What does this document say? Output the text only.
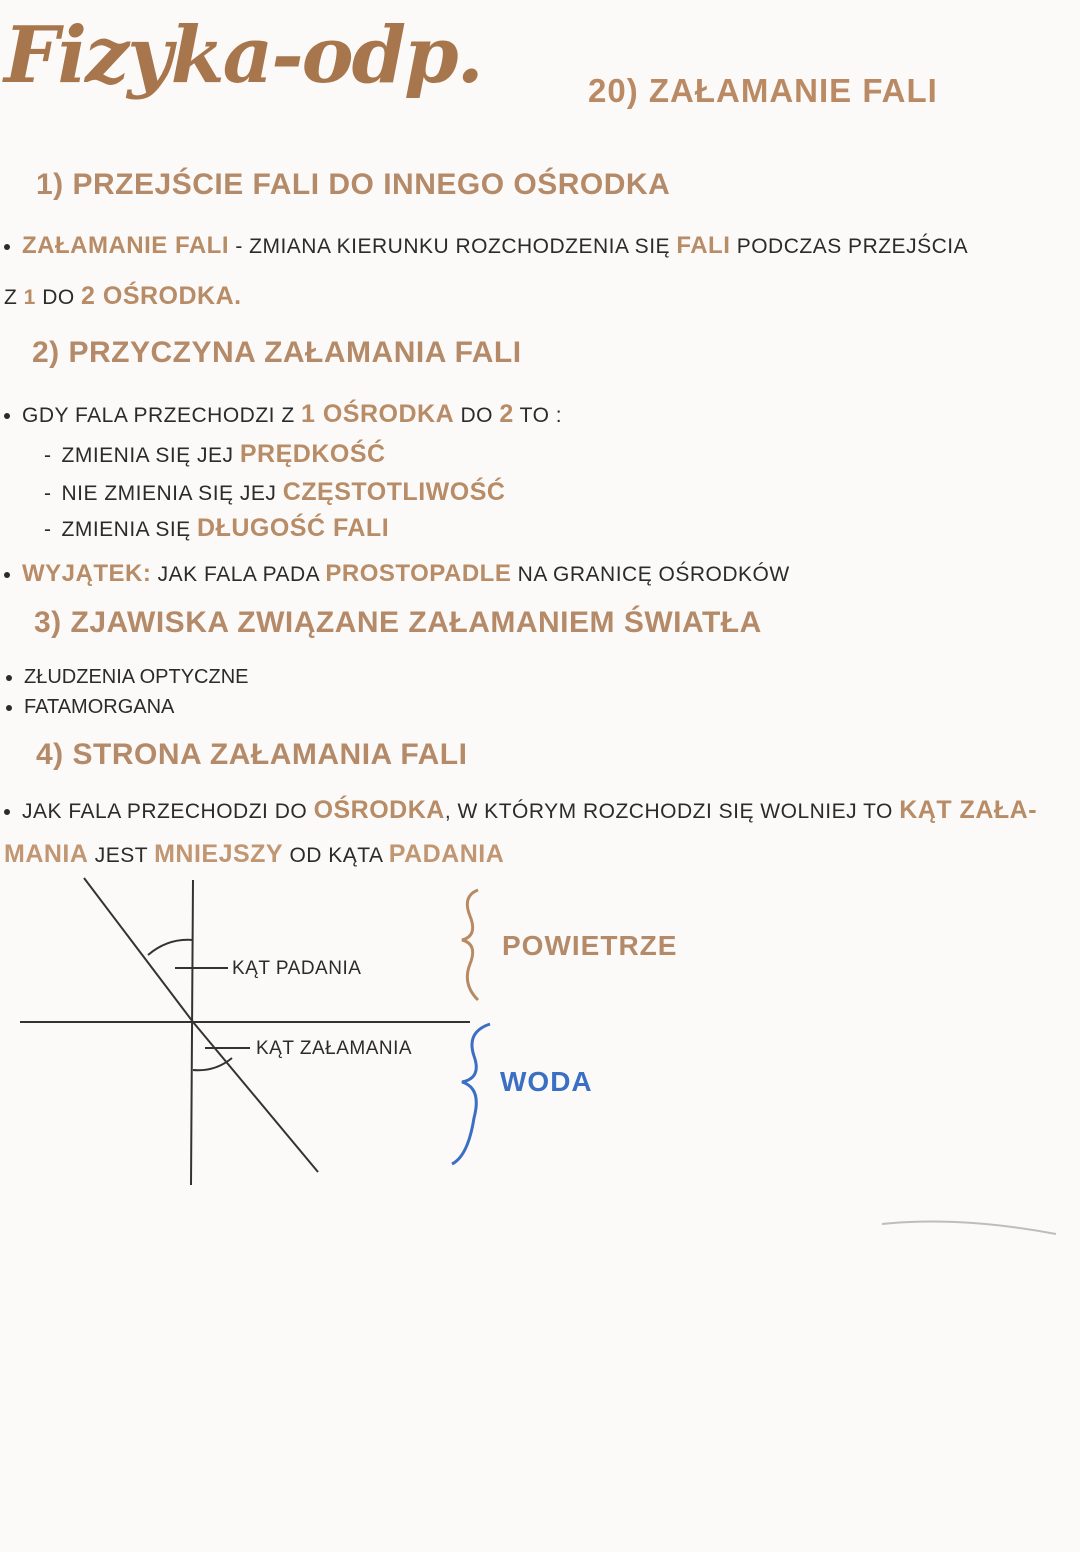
Fizyka-odp.	20) ZAŁAMANIE FALI
1) PRZEJŚCIE FALI DO INNEGO OŚRODKA
ZAŁAMANIE FALI - ZMIANA KIERUNKU ROZCHODZENIA SIĘ FALI PODCZAS PRZEJŚCIA
Z 1 DO 2 OŚRODKA.
2) PRZYCZYNA ZAŁAMANIA FALI
GDY FALA PRZECHODZI Z 1 OŚRODKA DO 2 TO :
- ZMIENIA SIĘ JEJ PRĘDKOŚĆ
- NIE ZMIENIA SIĘ JEJ CZĘSTOTLIWOŚĆ
- ZMIENIA SIĘ DŁUGOŚĆ FALI
WYJĄTEK: JAK FALA PADA PROSTOPADLE NA GRANICĘ OŚRODKÓW
3) ZJAWISKA ZWIĄZANE ZAŁAMANIEM ŚWIATŁA
ZŁUDZENIA OPTYCZNE
FATAMORGANA
4) STRONA ZAŁAMANIA FALI
JAK FALA PRZECHODZI DO OŚRODKA, W KTÓRYM ROZCHODZI SIĘ WOLNIEJ TO KĄT ZAŁA-
MANIA JEST MNIEJSZY OD KĄTA PADANIA
KĄT PADANIA
KĄT ZAŁAMANIA
POWIETRZE
WODA
